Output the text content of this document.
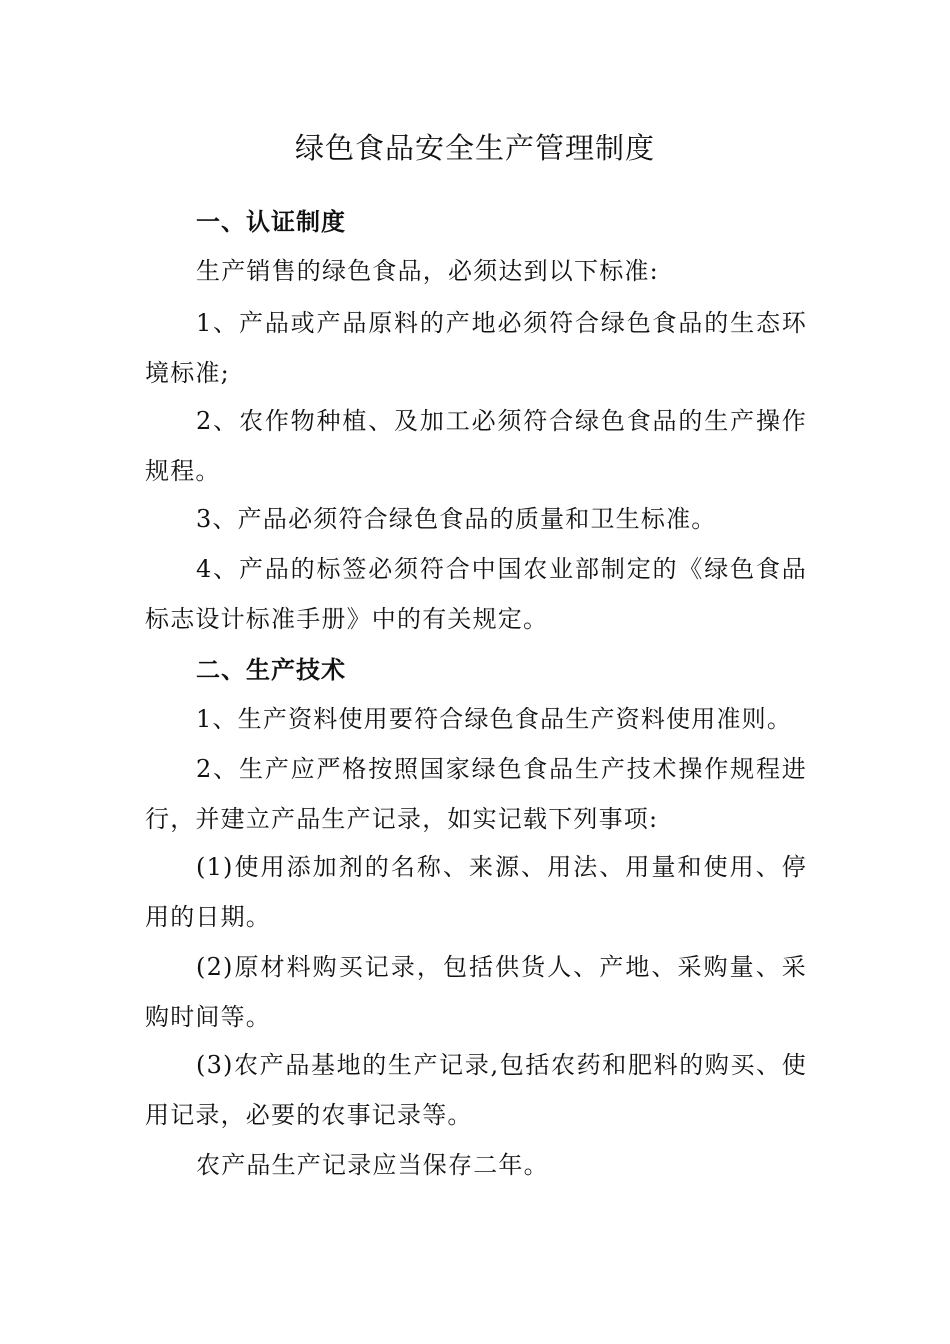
绿色食品安全生产管理制度
一、认证制度
生产销售的绿色食品，必须达到以下标准:
1、产品或产品原料的产地必须符合绿色食品的生态环境标准;
2、农作物种植、及加工必须符合绿色食品的生产操作规程。
3、产品必须符合绿色食品的质量和卫生标准。
4、产品的标签必须符合中国农业部制定的《绿色食品标志设计标准手册》中的有关规定。
二、生产技术
1、生产资料使用要符合绿色食品生产资料使用准则。
2、生产应严格按照国家绿色食品生产技术操作规程进行，并建立产品生产记录，如实记载下列事项:
(1)使用添加剂的名称、来源、用法、用量和使用、停用的日期。
(2)原材料购买记录，包括供货人、产地、采购量、采购时间等。
(3)农产品基地的生产记录,包括农药和肥料的购买、使用记录，必要的农事记录等。
农产品生产记录应当保存二年。
